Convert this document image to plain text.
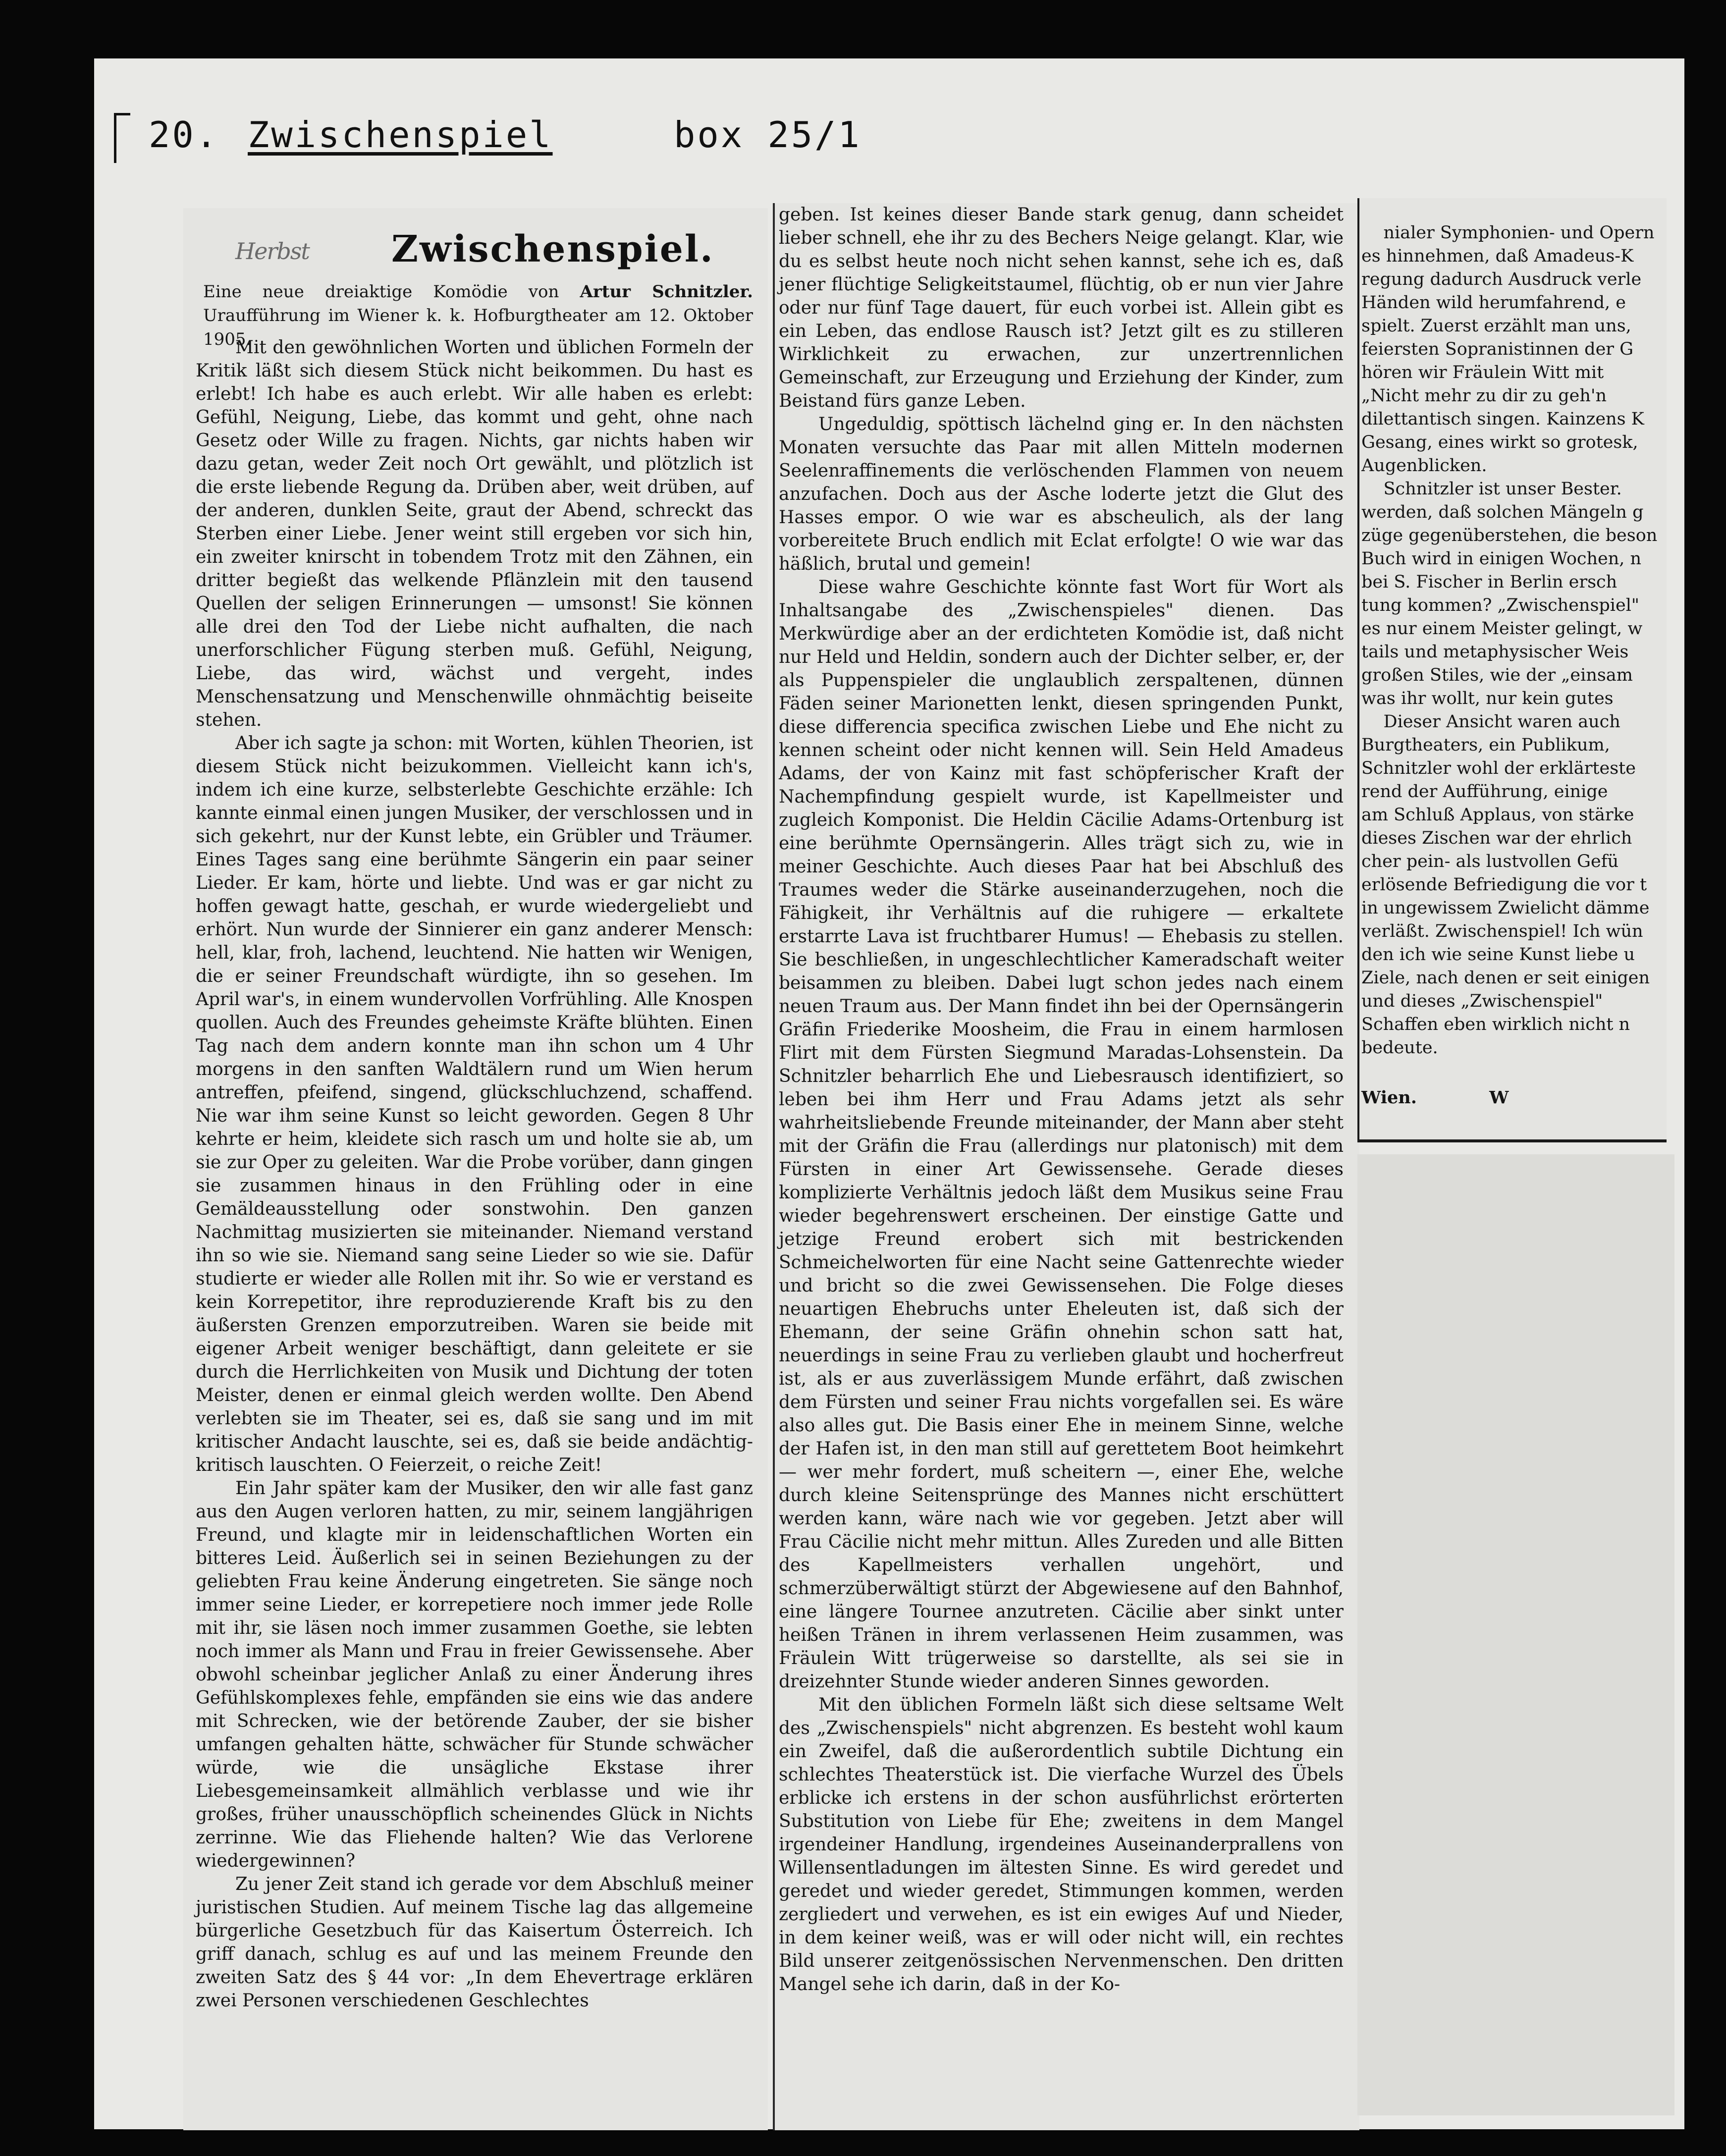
20. Zwischenspiel	box 25/1
Herbst Zwischenspiel.
Eine neue dreiaktige Komödie von Artur Schnitzler. Uraufführung im Wiener k. k. Hofburgtheater am 12. Oktober 1905.

Mit den gewöhnlichen Worten und üblichen Formeln der Kritik läßt sich diesem Stück nicht beikommen. Du hast es erlebt! Ich habe es auch erlebt. Wir alle haben es erlebt: Gefühl, Neigung, Liebe, das kommt und geht, ohne nach Gesetz oder Wille zu fragen. Nichts, gar nichts haben wir dazu getan, weder Zeit noch Ort gewählt, und plötzlich ist die erste liebende Regung da. Drüben aber, weit drüben, auf der anderen, dunklen Seite, graut der Abend, schreckt das Sterben einer Liebe. Jener weint still ergeben vor sich hin, ein zweiter knirscht in tobendem Trotz mit den Zähnen, ein dritter begießt das welkende Pflänzlein mit den tausend Quellen der seligen Erinnerungen — umsonst! Sie können alle drei den Tod der Liebe nicht aufhalten, die nach unerforschlicher Fügung sterben muß. Gefühl, Neigung, Liebe, das wird, wächst und vergeht, indes Menschensatzung und Menschenwille ohnmächtig beiseite stehen.

Aber ich sagte ja schon: mit Worten, kühlen Theorien, ist diesem Stück nicht beizukommen. Vielleicht kann ich's, indem ich eine kurze, selbsterlebte Geschichte erzähle: Ich kannte einmal einen jungen Musiker, der verschlossen und in sich gekehrt, nur der Kunst lebte, ein Grübler und Träumer. Eines Tages sang eine berühmte Sängerin ein paar seiner Lieder. Er kam, hörte und liebte. Und was er gar nicht zu hoffen gewagt hatte, geschah, er wurde wiedergeliebt und erhört. Nun wurde der Sinnierer ein ganz anderer Mensch: hell, klar, froh, lachend, leuchtend. Nie hatten wir Wenigen, die er seiner Freundschaft würdigte, ihn so gesehen. Im April war's, in einem wundervollen Vorfrühling. Alle Knospen quollen. Auch des Freundes geheimste Kräfte blühten. Einen Tag nach dem andern konnte man ihn schon um 4 Uhr morgens in den sanften Waldtälern rund um Wien herum antreffen, pfeifend, singend, glückschluchzend, schaffend. Nie war ihm seine Kunst so leicht geworden. Gegen 8 Uhr kehrte er heim, kleidete sich rasch um und holte sie ab, um sie zur Oper zu geleiten. War die Probe vorüber, dann gingen sie zusammen hinaus in den Frühling oder in eine Gemäldeausstellung oder sonstwohin. Den ganzen Nachmittag musizierten sie miteinander. Niemand verstand ihn so wie sie. Niemand sang seine Lieder so wie sie. Dafür studierte er wieder alle Rollen mit ihr. So wie er verstand es kein Korrepetitor, ihre reproduzierende Kraft bis zu den äußersten Grenzen emporzutreiben. Waren sie beide mit eigener Arbeit weniger beschäftigt, dann geleitete er sie durch die Herrlichkeiten von Musik und Dichtung der toten Meister, denen er einmal gleich werden wollte. Den Abend verlebten sie im Theater, sei es, daß sie sang und im mit kritischer Andacht lauschte, sei es, daß sie beide andächtig-kritisch lauschten. O Feierzeit, o reiche Zeit!

Ein Jahr später kam der Musiker, den wir alle fast ganz aus den Augen verloren hatten, zu mir, seinem langjährigen Freund, und klagte mir in leidenschaftlichen Worten ein bitteres Leid. Äußerlich sei in seinen Beziehungen zu der geliebten Frau keine Änderung eingetreten. Sie sänge noch immer seine Lieder, er korrepetiere noch immer jede Rolle mit ihr, sie läsen noch immer zusammen Goethe, sie lebten noch immer als Mann und Frau in freier Gewissensehe. Aber obwohl scheinbar jeglicher Anlaß zu einer Änderung ihres Gefühlskomplexes fehle, empfänden sie eins wie das andere mit Schrecken, wie der betörende Zauber, der sie bisher umfangen gehalten hätte, schwächer für Stunde schwächer würde, wie die unsägliche Ekstase ihrer Liebesgemeinsamkeit allmählich verblasse und wie ihr großes, früher unausschöpflich scheinendes Glück in Nichts zerrinne. Wie das Fliehende halten? Wie das Verlorene wiedergewinnen?

Zu jener Zeit stand ich gerade vor dem Abschluß meiner juristischen Studien. Auf meinem Tische lag das allgemeine bürgerliche Gesetzbuch für das Kaisertum Österreich. Ich griff danach, schlug es auf und las meinem Freunde den zweiten Satz des § 44 vor: „In dem Ehevertrage erklären zwei Personen verschiedenen Geschlechtes

geben. Ist keines dieser Bande stark genug, dann scheidet lieber schnell, ehe ihr zu des Bechers Neige gelangt. Klar, wie du es selbst heute noch nicht sehen kannst, sehe ich es, daß jener flüchtige Seligkeitstaumel, flüchtig, ob er nun vier Jahre oder nur fünf Tage dauert, für euch vorbei ist. Allein gibt es ein Leben, das endlose Rausch ist? Jetzt gilt es zu stilleren Wirklichkeit zu erwachen, zur unzertrennlichen Gemeinschaft, zur Erzeugung und Erziehung der Kinder, zum Beistand fürs ganze Leben.

Ungeduldig, spöttisch lächelnd ging er. In den nächsten Monaten versuchte das Paar mit allen Mitteln modernen Seelenraffinements die verlöschenden Flammen von neuem anzufachen. Doch aus der Asche loderte jetzt die Glut des Hasses empor. O wie war es abscheulich, als der lang vorbereitete Bruch endlich mit Eclat erfolgte! O wie war das häßlich, brutal und gemein!

Diese wahre Geschichte könnte fast Wort für Wort als Inhaltsangabe des „Zwischenspieles" dienen. Das Merkwürdige aber an der erdichteten Komödie ist, daß nicht nur Held und Heldin, sondern auch der Dichter selber, er, der als Puppenspieler die unglaublich zerspaltenen, dünnen Fäden seiner Marionetten lenkt, diesen springenden Punkt, diese differencia specifica zwischen Liebe und Ehe nicht zu kennen scheint oder nicht kennen will. Sein Held Amadeus Adams, der von Kainz mit fast schöpferischer Kraft der Nachempfindung gespielt wurde, ist Kapellmeister und zugleich Komponist. Die Heldin Cäcilie Adams-Ortenburg ist eine berühmte Opernsängerin. Alles trägt sich zu, wie in meiner Geschichte. Auch dieses Paar hat bei Abschluß des Traumes weder die Stärke auseinanderzugehen, noch die Fähigkeit, ihr Verhältnis auf die ruhigere — erkaltete erstarrte Lava ist fruchtbarer Humus! — Ehebasis zu stellen. Sie beschließen, in ungeschlechtlicher Kameradschaft weiter beisammen zu bleiben. Dabei lugt schon jedes nach einem neuen Traum aus. Der Mann findet ihn bei der Opernsängerin Gräfin Friederike Moosheim, die Frau in einem harmlosen Flirt mit dem Fürsten Siegmund Maradas-Lohsenstein. Da Schnitzler beharrlich Ehe und Liebesrausch identifiziert, so leben bei ihm Herr und Frau Adams jetzt als sehr wahrheitsliebende Freunde miteinander, der Mann aber steht mit der Gräfin die Frau (allerdings nur platonisch) mit dem Fürsten in einer Art Gewissensehe. Gerade dieses komplizierte Verhältnis jedoch läßt dem Musikus seine Frau wieder begehrenswert erscheinen. Der einstige Gatte und jetzige Freund erobert sich mit bestrickenden Schmeichelworten für eine Nacht seine Gattenrechte wieder und bricht so die zwei Gewissensehen. Die Folge dieses neuartigen Ehebruchs unter Eheleuten ist, daß sich der Ehemann, der seine Gräfin ohnehin schon satt hat, neuerdings in seine Frau zu verlieben glaubt und hocherfreut ist, als er aus zuverlässigem Munde erfährt, daß zwischen dem Fürsten und seiner Frau nichts vorgefallen sei. Es wäre also alles gut. Die Basis einer Ehe in meinem Sinne, welche der Hafen ist, in den man still auf gerettetem Boot heimkehrt — wer mehr fordert, muß scheitern —, einer Ehe, welche durch kleine Seitensprünge des Mannes nicht erschüttert werden kann, wäre nach wie vor gegeben. Jetzt aber will Frau Cäcilie nicht mehr mittun. Alles Zureden und alle Bitten des Kapellmeisters verhallen ungehört, und schmerzüberwältigt stürzt der Abgewiesene auf den Bahnhof, eine längere Tournee anzutreten. Cäcilie aber sinkt unter heißen Tränen in ihrem verlassenen Heim zusammen, was Fräulein Witt trügerweise so darstellte, als sei sie in dreizehnter Stunde wieder anderen Sinnes geworden.

Mit den üblichen Formeln läßt sich diese seltsame Welt des „Zwischenspiels" nicht abgrenzen. Es besteht wohl kaum ein Zweifel, daß die außerordentlich subtile Dichtung ein schlechtes Theaterstück ist. Die vierfache Wurzel des Übels erblicke ich erstens in der schon ausführlichst erörterten Substitution von Liebe für Ehe; zweitens in dem Mangel irgendeiner Handlung, irgendeines Auseinanderprallens von Willensentladungen im ältesten Sinne. Es wird geredet und geredet und wieder geredet, Stimmungen kommen, werden zergliedert und verwehen, es ist ein ewiges Auf und Nieder, in dem keiner weiß, was er will oder nicht will, ein rechtes Bild unserer zeitgenössischen Nervenmenschen. Den dritten Mangel sehe ich darin, daß in der Ko-

nialer Symphonien- und Opern
es hinnehmen, daß Amadeus-K
regung dadurch Ausdruck verle
Händen wild herumfahrend, e
spielt. Zuerst erzählt man uns,
feiersten Sopranistinnen der G
hören wir Fräulein Witt mit
„Nicht mehr zu dir zu geh'n
dilettantisch singen. Kainzens K
Gesang, eines wirkt so grotesk,
Augenblicken.
Schnitzler ist unser Bester.
werden, daß solchen Mängeln g
züge gegenüberstehen, die beson
Buch wird in einigen Wochen, n
bei S. Fischer in Berlin ersch
tung kommen? „Zwischenspiel"
es nur einem Meister gelingt, w
tails und metaphysischer Weis
großen Stiles, wie der „einsam
was ihr wollt, nur kein gutes
Dieser Ansicht waren auch
Burgtheaters, ein Publikum,
Schnitzler wohl der erklärteste
rend der Aufführung, einige
am Schluß Applaus, von stärke
dieses Zischen war der ehrlich
cher pein- als lustvollen Gefü
erlösende Befriedigung die vor t
in ungewissem Zwielicht dämme
verläßt. Zwischenspiel! Ich wün
den ich wie seine Kunst liebe u
Ziele, nach denen er seit einigen
und dieses „Zwischenspiel"
Schaffen eben wirklich nicht n
bedeute.

Wien.	W
